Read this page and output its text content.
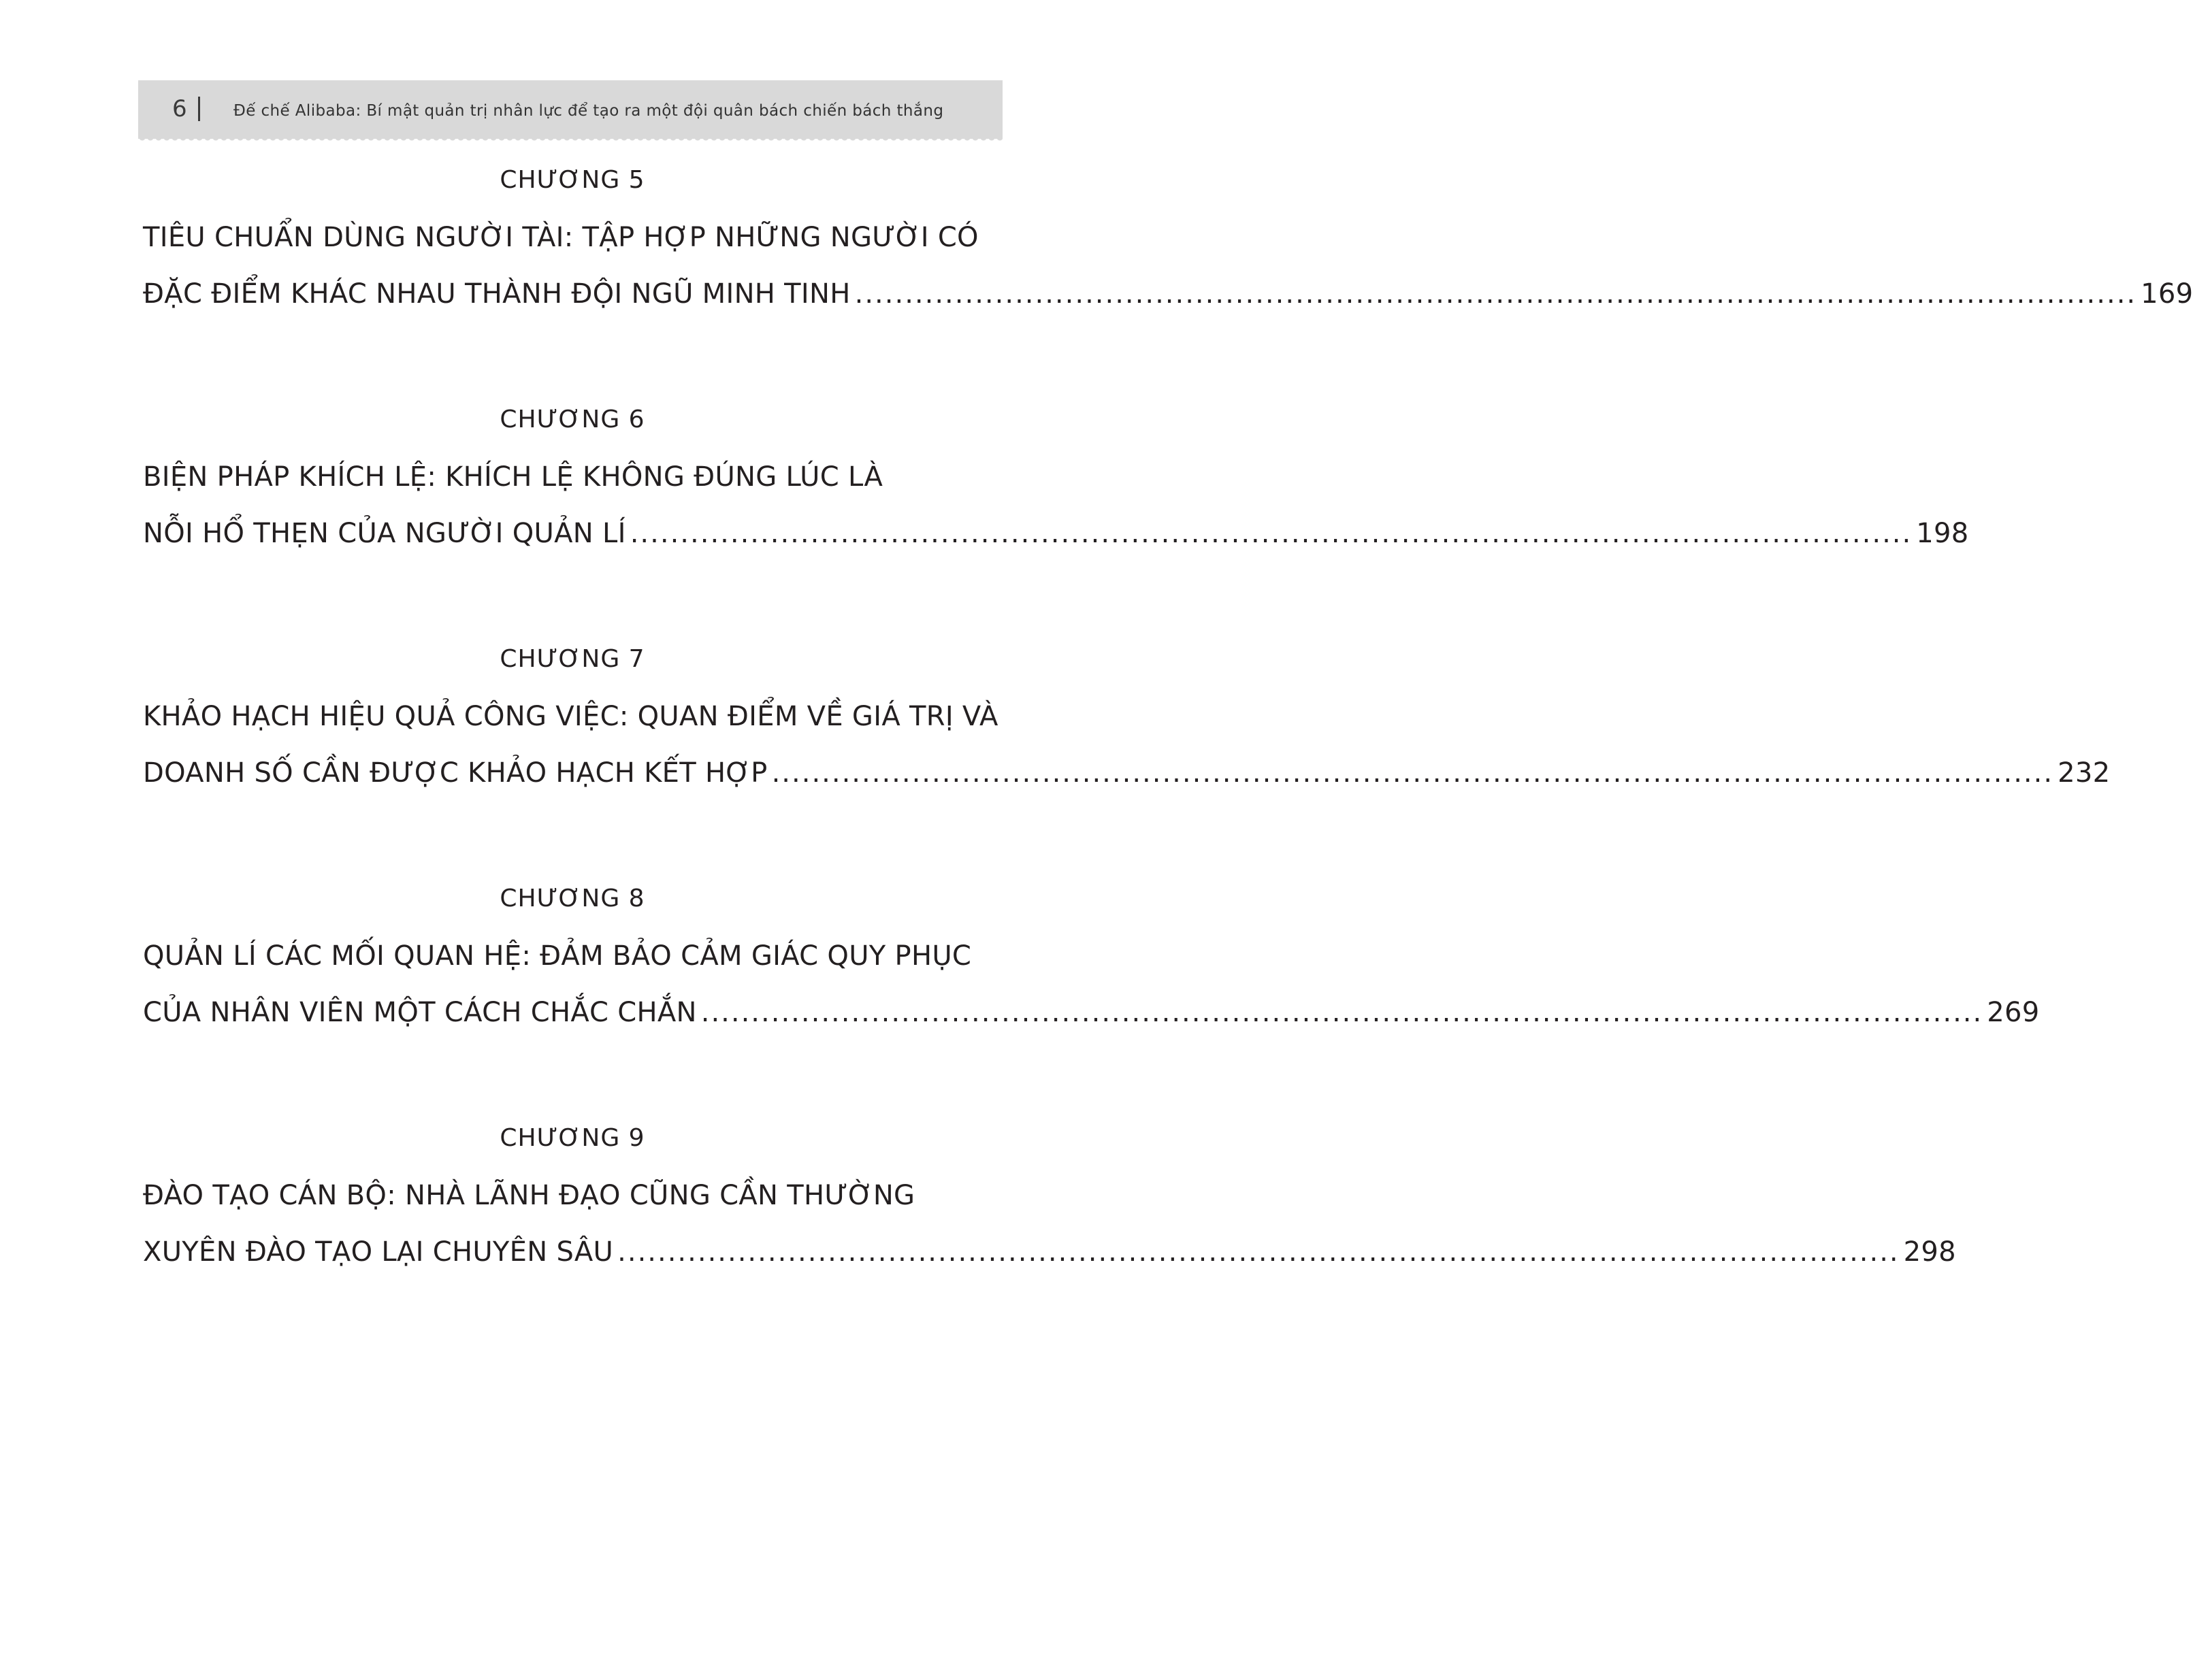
6	Đế chế Alibaba: Bí mật quản trị nhân lực để tạo ra một đội quân bách chiến bách thắng
CHƯƠNG 5
TIÊU CHUẨN DÙNG NGƯỜI TÀI: TẬP HỢP NHỮNG NGƯỜI CÓ
ĐẶC ĐIỂM KHÁC NHAU THÀNH ĐỘI NGŨ MINH TINH ................................................................................................................................ 169
CHƯƠNG 6
BIỆN PHÁP KHÍCH LỆ: KHÍCH LỆ KHÔNG ĐÚNG LÚC LÀ
NỖI HỔ THẸN CỦA NGƯỜI QUẢN LÍ ................................................................................................................................ 198
CHƯƠNG 7
KHẢO HẠCH HIỆU QUẢ CÔNG VIỆC: QUAN ĐIỂM VỀ GIÁ TRỊ VÀ
DOANH SỐ CẦN ĐƯỢC KHẢO HẠCH KẾT HỢP ................................................................................................................................ 232
CHƯƠNG 8
QUẢN LÍ CÁC MỐI QUAN HỆ: ĐẢM BẢO CẢM GIÁC QUY PHỤC
CỦA NHÂN VIÊN MỘT CÁCH CHẮC CHẮN ................................................................................................................................ 269
CHƯƠNG 9
ĐÀO TẠO CÁN BỘ: NHÀ LÃNH ĐẠO CŨNG CẦN THƯỜNG
XUYÊN ĐÀO TẠO LẠI CHUYÊN SÂU ................................................................................................................................ 298
